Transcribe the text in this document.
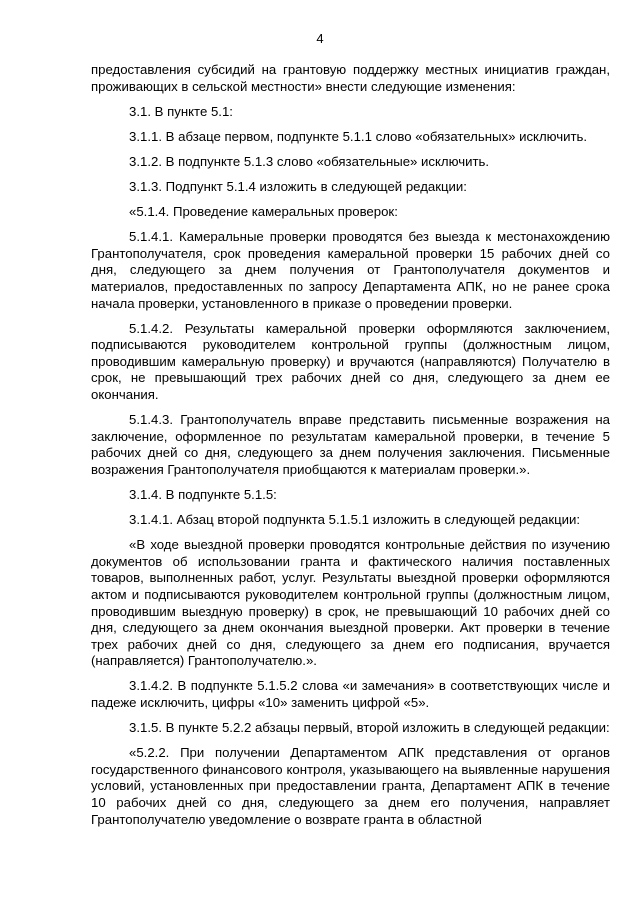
4

предоставления субсидий на грантовую поддержку местных инициатив граждан, проживающих в сельской местности» внести следующие изменения:

3.1. В пункте 5.1:

3.1.1. В абзаце первом, подпункте 5.1.1 слово «обязательных» исключить.

3.1.2. В подпункте 5.1.3 слово «обязательные» исключить.

3.1.3. Подпункт 5.1.4 изложить в следующей редакции:

«5.1.4. Проведение камеральных проверок:

5.1.4.1. Камеральные проверки проводятся без выезда к местонахождению Грантополучателя, срок проведения камеральной проверки 15 рабочих дней со дня, следующего за днем получения от Грантополучателя документов и материалов, предоставленных по запросу Департамента АПК, но не ранее срока начала проверки, установленного в приказе о проведении проверки.

5.1.4.2. Результаты камеральной проверки оформляются заключением, подписываются руководителем контрольной группы (должностным лицом, проводившим камеральную проверку) и вручаются (направляются) Получателю в срок, не превышающий трех рабочих дней со дня, следующего за днем ее окончания.

5.1.4.3. Грантополучатель вправе представить письменные возражения на заключение, оформленное по результатам камеральной проверки, в течение 5 рабочих дней со дня, следующего за днем получения заключения. Письменные возражения Грантополучателя приобщаются к материалам проверки.».

3.1.4. В подпункте 5.1.5:

3.1.4.1. Абзац второй подпункта 5.1.5.1 изложить в следующей редакции:

«В ходе выездной проверки проводятся контрольные действия по изучению документов об использовании гранта и фактического наличия поставленных товаров, выполненных работ, услуг. Результаты выездной проверки оформляются актом и подписываются руководителем контрольной группы (должностным лицом, проводившим выездную проверку) в срок, не превышающий 10 рабочих дней со дня, следующего за днем окончания выездной проверки. Акт проверки в течение трех рабочих дней со дня, следующего за днем его подписания, вручается (направляется) Грантополучателю.».

3.1.4.2. В подпункте 5.1.5.2 слова «и замечания» в соответствующих числе и падеже исключить, цифры «10» заменить цифрой «5».

3.1.5. В пункте 5.2.2 абзацы первый, второй изложить в следующей редакции:

«5.2.2. При получении Департаментом АПК представления от органов государственного финансового контроля, указывающего на выявленные нарушения условий, установленных при предоставлении гранта, Департамент АПК в течение 10 рабочих дней со дня, следующего за днем его получения, направляет Грантополучателю уведомление о возврате гранта в областной
